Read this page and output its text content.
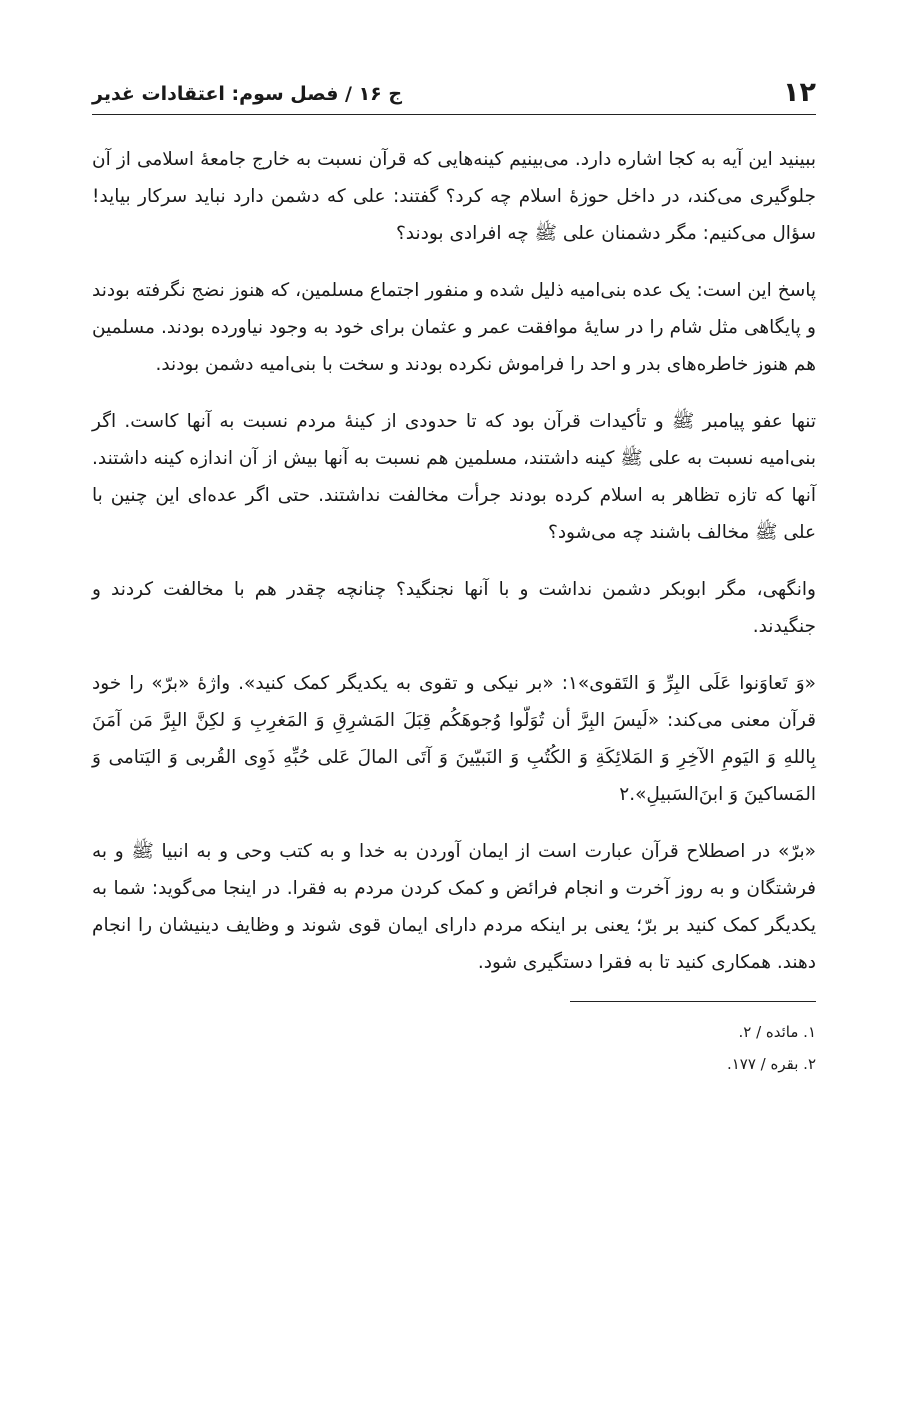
۱۲
ج ۱۶ / فصل سوم: اعتقادات غدیر

ببینید این آیه به کجا اشاره دارد. می‌بینیم کینه‌هایی که قرآن نسبت به خارج جامعهٔ اسلامی از آن جلوگیری می‌کند، در داخل حوزهٔ اسلام چه کرد؟ گفتند: علی که دشمن دارد نباید سرکار بیاید! سؤال می‌کنیم: مگر دشمنان علی ﷺ چه افرادی بودند؟

پاسخ این است: یک عده بنی‌امیه ذلیل شده و منفور اجتماع مسلمین، که هنوز نضج نگرفته بودند و پایگاهی مثل شام را در سایهٔ موافقت عمر و عثمان برای خود به وجود نیاورده بودند. مسلمین هم هنوز خاطره‌های بدر و احد را فراموش نکرده بودند و سخت با بنی‌امیه دشمن بودند.

تنها عفو پیامبر ﷺ و تأکیدات قرآن بود که تا حدودی از کینهٔ مردم نسبت به آنها کاست. اگر بنی‌امیه نسبت به علی ﷺ کینه داشتند، مسلمین هم نسبت به آنها بیش از آن اندازه کینه داشتند. آنها که تازه تظاهر به اسلام کرده بودند جرأت مخالفت نداشتند. حتی اگر عده‌ای این چنین با علی ﷺ مخالف باشند چه می‌شود؟

وانگهی، مگر ابوبکر دشمن نداشت و با آنها نجنگید؟ چنانچه چقدر هم با مخالفت کردند و جنگیدند.

«وَ تَعاوَنوا عَلَی البِرِّ وَ التَقوی»۱: «بر نیکی و تقوی به یکدیگر کمک کنید». واژهٔ «برّ» را خود قرآن معنی می‌کند: «لَیسَ البِرَّ أن تُوَلّوا وُجوهَکُم قِبَلَ المَشرِقِ وَ المَغرِبِ وَ لکِنَّ البِرَّ مَن آمَنَ بِاللهِ وَ الیَومِ الآخِرِ وَ المَلائِکَةِ وَ الکُتُبِ وَ النَبیّینَ وَ آتَی المالَ عَلی حُبِّهِ ذَوِی القُربی وَ الیَتامی وَ المَساکینَ وَ ابنَ‌السَبیلِ».۲

«برّ» در اصطلاح قرآن عبارت است از ایمان آوردن به خدا و به کتب وحی و به انبیا ﷺ و به فرشتگان و به روز آخرت و انجام فرائض و کمک کردن مردم به فقرا. در اینجا می‌گوید: شما به یکدیگر کمک کنید بر برّ؛ یعنی بر اینکه مردم دارای ایمان قوی شوند و وظایف دینیشان را انجام دهند. همکاری کنید تا به فقرا دستگیری شود.

۱. مائده / ۲.
۲. بقره / ۱۷۷.
